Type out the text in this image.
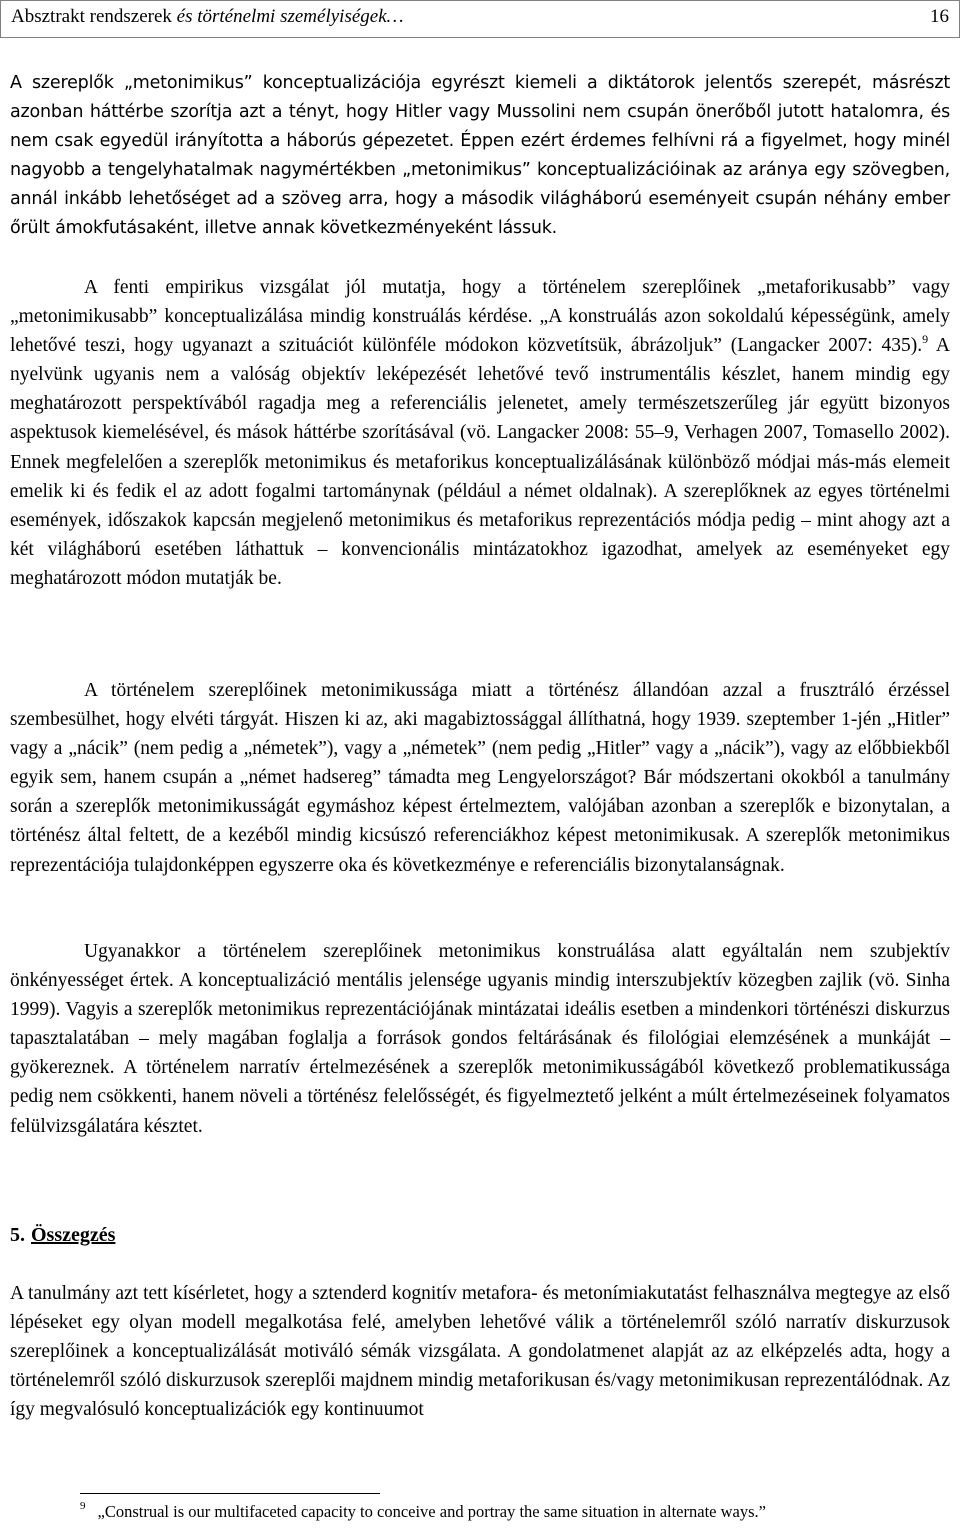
Absztrakt rendszerek és történelmi személyiségek…	16
A szereplők „metonimikus” konceptualizációja egyrészt kiemeli a diktátorok jelentős szerepét, másrészt azonban háttérbe szorítja azt a tényt, hogy Hitler vagy Mussolini nem csupán önerőből jutott hatalomra, és nem csak egyedül irányította a háborús gépezetet. Éppen ezért érdemes felhívni rá a figyelmet, hogy minél nagyobb a tengelyhatalmak nagymértékben „metonimikus” konceptualizációinak az aránya egy szövegben, annál inkább lehetőséget ad a szöveg arra, hogy a második világháború eseményeit csupán néhány ember őrült ámokfutásaként, illetve annak következményeként lássuk.
A fenti empirikus vizsgálat jól mutatja, hogy a történelem szereplőinek „metaforikusabb” vagy „metonimikusabb” konceptualizálása mindig konstruálás kérdése. „A konstruálás azon sokoldalú képességünk, amely lehetővé teszi, hogy ugyanazt a szituációt különféle módokon közvetítsük, ábrázoljuk” (Langacker 2007: 435).$^9$ A nyelvünk ugyanis nem a valóság objektív leképezését lehetővé tevő instrumentális készlet, hanem mindig egy meghatározott perspektívából ragadja meg a referenciális jelenetet, amely természetszerűleg jár együtt bizonyos aspektusok kiemelésével, és mások háttérbe szorításával (vö. Langacker 2008: 55–9, Verhagen 2007, Tomasello 2002). Ennek megfelelően a szereplők metonimikus és metaforikus konceptualizálásának különböző módjai más-más elemeit emelik ki és fedik el az adott fogalmi tartománynak (például a német oldalnak). A szereplőknek az egyes történelmi események, időszakok kapcsán megjelenő metonimikus és metaforikus reprezentációs módja pedig – mint ahogy azt a két világháború esetében láthattuk – konvencionális mintázatokhoz igazodhat, amelyek az eseményeket egy meghatározott módon mutatják be.
A történelem szereplőinek metonimikussága miatt a történész állandóan azzal a frusztráló érzéssel szembesülhet, hogy elvéti tárgyát. Hiszen ki az, aki magabiztossággal állíthatná, hogy 1939. szeptember 1-jén „Hitler” vagy a „nácik” (nem pedig a „németek”), vagy a „németek” (nem pedig „Hitler” vagy a „nácik”), vagy az előbbiekből egyik sem, hanem csupán a „német hadsereg” támadta meg Lengyelországot? Bár módszertani okokból a tanulmány során a szereplők metonimikusságát egymáshoz képest értelmeztem, valójában azonban a szereplők e bizonytalan, a történész által feltett, de a kezéből mindig kicsúszó referenciákhoz képest metonimikusak. A szereplők metonimikus reprezentációja tulajdonképpen egyszerre oka és következménye e referenciális bizonytalanságnak.
Ugyanakkor a történelem szereplőinek metonimikus konstruálása alatt egyáltalán nem szubjektív önkényességet értek. A konceptualizáció mentális jelensége ugyanis mindig interszubjektív közegben zajlik (vö. Sinha 1999). Vagyis a szereplők metonimikus reprezentációjának mintázatai ideális esetben a mindenkori történészi diskurzus tapasztalatában – mely magában foglalja a források gondos feltárásának és filológiai elemzésének a munkáját – gyökereznek. A történelem narratív értelmezésének a szereplők metonimikusságából következő problematikussága pedig nem csökkenti, hanem növeli a történész felelősségét, és figyelmeztető jelként a múlt értelmezéseinek folyamatos felülvizsgálatára késztet.
5. Összegzés
A tanulmány azt tett kísérletet, hogy a sztenderd kognitív metafora- és metonímiakutatást felhasználva megtegye az első lépéseket egy olyan modell megalkotása felé, amelyben lehetővé válik a történelemről szóló narratív diskurzusok szereplőinek a konceptualizálását motiváló sémák vizsgálata. A gondolatmenet alapját az az elképzelés adta, hogy a történelemről szóló diskurzusok szereplői majdnem mindig metaforikusan és/vagy metonimikusan reprezentálódnak. Az így megvalósuló konceptualizációk egy kontinuumot
$^9$ „Construal is our multifaceted capacity to conceive and portray the same situation in alternate ways.”
